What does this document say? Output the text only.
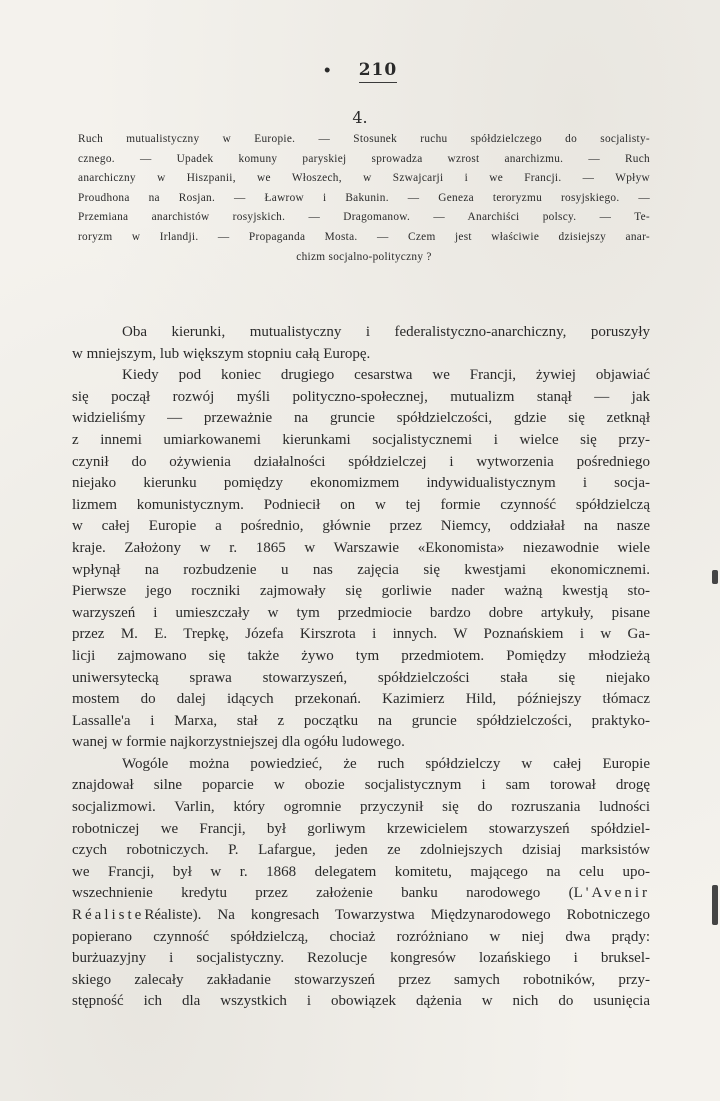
• 210
4.
Ruch mutualistyczny w Europie. — Stosunek ruchu spółdzielczego do socjalisty-
cznego. — Upadek komuny paryskiej sprowadza wzrost anarchizmu. — Ruch
anarchiczny w Hiszpanii, we Włoszech, w Szwajcarji i we Francji. — Wpływ
Proudhona na Rosjan. — Ławrow i Bakunin. — Geneza teroryzmu rosyjskiego. —
Przemiana anarchistów rosyjskich. — Dragomanow. — Anarchiści polscy. — Te-
roryzm w Irlandji. — Propaganda Mosta. — Czem jest właściwie dzisiejszy anar-
chizm socjalno-polityczny ?
Oba kierunki, mutualistyczny i federalistyczno-anarchiczny, poruszyły
w mniejszym, lub większym stopniu całą Europę.
Kiedy pod koniec drugiego cesarstwa we Francji, żywiej objawiać
się począł rozwój myśli polityczno-społecznej, mutualizm stanął — jak
widzieliśmy — przeważnie na gruncie spółdzielczości, gdzie się zetknął
z innemi umiarkowanemi kierunkami socjalistycznemi i wielce się przy-
czynił do ożywienia działalności spółdzielczej i wytworzenia pośredniego
niejako kierunku pomiędzy ekonomizmem indywidualistycznym i socja-
lizmem komunistycznym. Podniecił on w tej formie czynność spółdzielczą
w całej Europie a pośrednio, głównie przez Niemcy, oddziałał na nasze
kraje. Założony w r. 1865 w Warszawie «Ekonomista» niezawodnie wiele
wpłynął na rozbudzenie u nas zajęcia się kwestjami ekonomicznemi.
Pierwsze jego roczniki zajmowały się gorliwie nader ważną kwestją sto-
warzyszeń i umieszczały w tym przedmiocie bardzo dobre artykuły, pisane
przez M. E. Trepkę, Józefa Kirszrota i innych. W Poznańskiem i w Ga-
licji zajmowano się także żywo tym przedmiotem. Pomiędzy młodzieżą
uniwersytecką sprawa stowarzyszeń, spółdzielczości stała się niejako
mostem do dalej idących przekonań. Kazimierz Hild, późniejszy tłómacz
Lassalle'a i Marxa, stał z początku na gruncie spółdzielczości, praktyko-
wanej w formie najkorzystniejszej dla ogółu ludowego.
Wogóle można powiedzieć, że ruch spółdzielczy w całej Europie
znajdował silne poparcie w obozie socjalistycznym i sam torował drogę
socjalizmowi. Varlin, który ogromnie przyczynił się do rozruszania ludności
robotniczej we Francji, był gorliwym krzewicielem stowarzyszeń spółdziel-
czych robotniczych. P. Lafargue, jeden ze zdolniejszych dzisiaj marksistów
we Francji, był w r. 1868 delegatem komitetu, mającego na celu upo-
wszechnienie kredytu przez założenie banku narodowego (L'Avenir
RéalisteRéaliste). Na kongresach Towarzystwa Międzynarodowego Robotniczego
popierano czynność spółdzielczą, chociaż rozróżniano w niej dwa prądy:
burżuazyjny i socjalistyczny. Rezolucje kongresów lozańskiego i bruksel-
skiego zalecały zakładanie stowarzyszeń przez samych robotników, przy-
stępność ich dla wszystkich i obowiązek dążenia w nich do usunięcia
